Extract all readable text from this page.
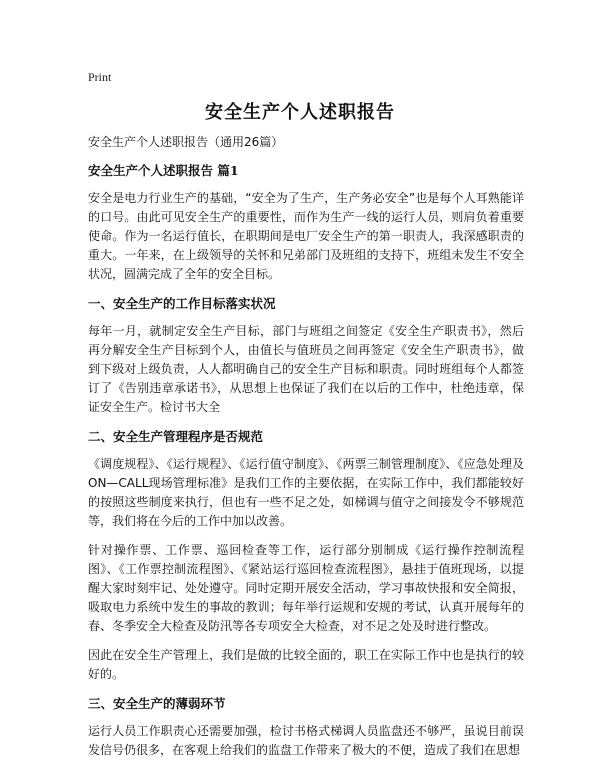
Print
安全生产个人述职报告

安全生产个人述职报告（通用26篇）

安全生产个人述职报告 篇1

安全是电力行业生产的基础，“安全为了生产，生产务必安全”也是每个人耳熟能详的口号。由此可见安全生产的重要性，而作为生产一线的运行人员，则肩负着重要使命。作为一名运行值长，在职期间是电厂安全生产的第一职责人，我深感职责的重大。一年来，在上级领导的关怀和兄弟部门及班组的支持下，班组未发生不安全状况，圆满完成了全年的安全目标。

一、安全生产的工作目标落实状况

每年一月，就制定安全生产目标，部门与班组之间签定《安全生产职责书》，然后再分解安全生产目标到个人，由值长与值班员之间再签定《安全生产职责书》，做到下级对上级负责，人人都明确自己的安全生产目标和职责。同时班组每个人都签订了《告别违章承诺书》，从思想上也保证了我们在以后的工作中，杜绝违章，保证安全生产。检讨书大全

二、安全生产管理程序是否规范

《调度规程》、《运行规程》、《运行值守制度》、《两票三制管理制度》、《应急处理及ON—CALL现场管理标准》是我们工作的主要依据，在实际工作中，我们都能较好的按照这些制度来执行，但也有一些不足之处，如梯调与值守之间接发令不够规范等，我们将在今后的工作中加以改善。

针对操作票、工作票、巡回检查等工作，运行部分别制成《运行操作控制流程图》、《工作票控制流程图》、《紧站运行巡回检查流程图》，悬挂于值班现场，以提醒大家时刻牢记、处处遵守。同时定期开展安全活动，学习事故快报和安全简报，吸取电力系统中发生的事故的教训；每年举行运规和安规的考试，认真开展每年的春、冬季安全大检查及防汛等各专项安全大检查，对不足之处及时进行整改。

因此在安全生产管理上，我们是做的比较全面的，职工在实际工作中也是执行的较好的。

三、安全生产的薄弱环节

运行人员工作职责心还需要加强，检讨书格式梯调人员监盘还不够严，虽说目前误发信号仍很多，在客观上给我们的监盘工作带来了极大的不便，造成了我们在思想
